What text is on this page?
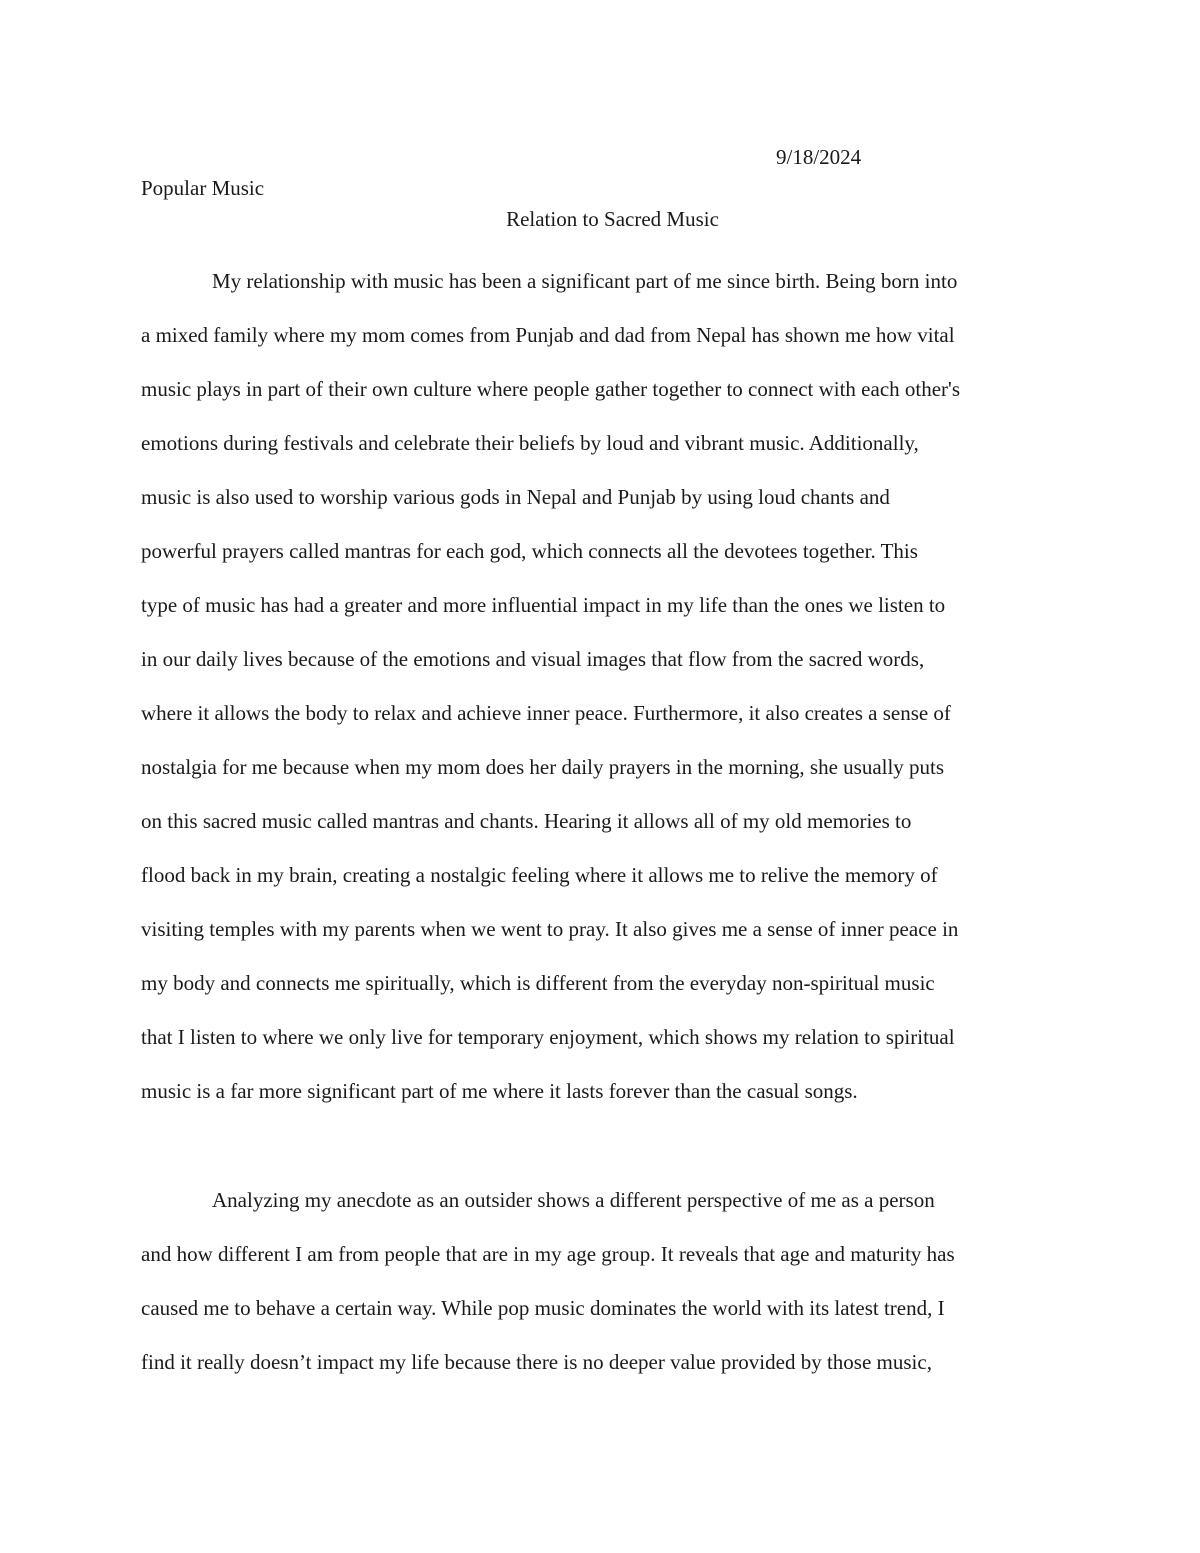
9/18/2024
Popular Music
Relation to Sacred Music
My relationship with music has been a significant part of me since birth. Being born into
a mixed family where my mom comes from Punjab and dad from Nepal has shown me how vital
music plays in part of their own culture where people gather together to connect with each other's
emotions during festivals and celebrate their beliefs by loud and vibrant music. Additionally,
music is also used to worship various gods in Nepal and Punjab by using loud chants and
powerful prayers called mantras for each god, which connects all the devotees together. This
type of music has had a greater and more influential impact in my life than the ones we listen to
in our daily lives because of the emotions and visual images that flow from the sacred words,
where it allows the body to relax and achieve inner peace. Furthermore, it also creates a sense of
nostalgia for me because when my mom does her daily prayers in the morning, she usually puts
on this sacred music called mantras and chants. Hearing it allows all of my old memories to
flood back in my brain, creating a nostalgic feeling where it allows me to relive the memory of
visiting temples with my parents when we went to pray. It also gives me a sense of inner peace in
my body and connects me spiritually, which is different from the everyday non-spiritual music
that I listen to where we only live for temporary enjoyment, which shows my relation to spiritual
music is a far more significant part of me where it lasts forever than the casual songs.
Analyzing my anecdote as an outsider shows a different perspective of me as a person
and how different I am from people that are in my age group. It reveals that age and maturity has
caused me to behave a certain way. While pop music dominates the world with its latest trend, I
find it really doesn’t impact my life because there is no deeper value provided by those music,
